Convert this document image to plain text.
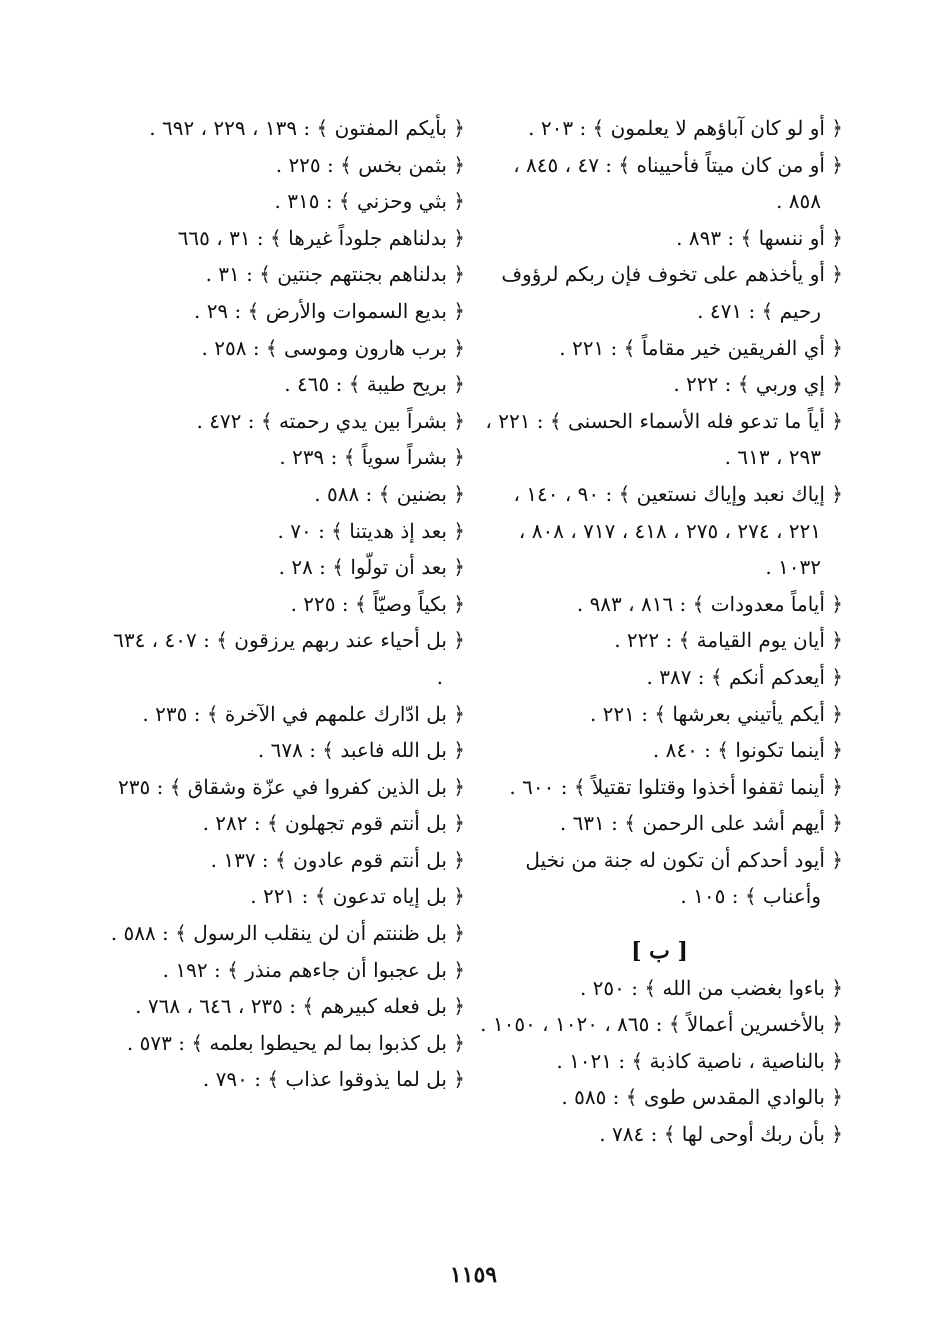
﴿ أو لو كان آباؤهم لا يعلمون ﴾ : ٢٠٣ .

﴿ أو من كان ميتاً فأحييناه ﴾ : ٤٧ ، ٨٤٥ ، ٨٥٨ .

﴿ أو ننسها ﴾ : ٨٩٣ .

﴿ أو يأخذهم على تخوف فإن ربكم لرؤوف رحيم ﴾ : ٤٧١ .

﴿ أي الفريقين خير مقاماً ﴾ : ٢٢١ .

﴿ إي وربي ﴾ : ٢٢٢ .

﴿ أياً ما تدعو فله الأسماء الحسنى ﴾ : ٢٢١ ، ٢٩٣ ، ٦١٣ .

﴿ إياك نعبد وإياك نستعين ﴾ : ٩٠ ، ١٤٠ ، ٢٢١ ، ٢٧٤ ، ٢٧٥ ، ٤١٨ ، ٧١٧ ، ٨٠٨ ، ١٠٣٢ .

﴿ أياماً معدودات ﴾ : ٨١٦ ، ٩٨٣ .

﴿ أيان يوم القيامة ﴾ : ٢٢٢ .

﴿ أيعدكم أنكم ﴾ : ٣٨٧ .

﴿ أيكم يأتيني بعرشها ﴾ : ٢٢١ .

﴿ أينما تكونوا ﴾ : ٨٤٠ .

﴿ أينما ثقفوا أخذوا وقتلوا تقتيلاً ﴾ : ٦٠٠ .

﴿ أيهم أشد على الرحمن ﴾ : ٦٣١ .

﴿ أيود أحدكم أن تكون له جنة من نخيل وأعناب ﴾ : ١٠٥ .

[ ب ]

﴿ باءوا بغضب من الله ﴾ : ٢٥٠ .

﴿ بالأخسرين أعمالاً ﴾ : ٨٦٥ ، ١٠٢٠ ، ١٠٥٠ .

﴿ بالناصية ، ناصية كاذبة ﴾ : ١٠٢١ .

﴿ بالوادي المقدس طوى ﴾ : ٥٨٥ .

﴿ بأن ربك أوحى لها ﴾ : ٧٨٤ .

﴿ بأيكم المفتون ﴾ : ١٣٩ ، ٢٢٩ ، ٦٩٢ .

﴿ بثمن بخس ﴾ : ٢٢٥ .

﴿ بثي وحزني ﴾ : ٣١٥ .

﴿ بدلناهم جلوداً غيرها ﴾ : ٣١ ، ٦٦٥

﴿ بدلناهم بجنتهم جنتين ﴾ : ٣١ .

﴿ بديع السموات والأرض ﴾ : ٢٩ .

﴿ برب هارون وموسى ﴾ : ٢٥٨ .

﴿ بريح طيبة ﴾ : ٤٦٥ .

﴿ بشراً بين يدي رحمته ﴾ : ٤٧٢ .

﴿ بشراً سوياً ﴾ : ٢٣٩ .

﴿ بضنين ﴾ : ٥٨٨ .

﴿ بعد إذ هديتنا ﴾ : ٧٠ .

﴿ بعد أن تولّوا ﴾ : ٢٨ .

﴿ بكياً وصيّاً ﴾ : ٢٢٥ .

﴿ بل أحياء عند ربهم يرزقون ﴾ : ٤٠٧ ، ٦٣٤ .

﴿ بل ادّارك علمهم في الآخرة ﴾ : ٢٣٥ .

﴿ بل الله فاعبد ﴾ : ٦٧٨ .

﴿ بل الذين كفروا في عزّة وشقاق ﴾ : ٢٣٥

﴿ بل أنتم قوم تجهلون ﴾ : ٢٨٢ .

﴿ بل أنتم قوم عادون ﴾ : ١٣٧ .

﴿ بل إياه تدعون ﴾ : ٢٢١ .

﴿ بل ظننتم أن لن ينقلب الرسول ﴾ : ٥٨٨ .

﴿ بل عجبوا أن جاءهم منذر ﴾ : ١٩٢ .

﴿ بل فعله كبيرهم ﴾ : ٢٣٥ ، ٦٤٦ ، ٧٦٨ .

﴿ بل كذبوا بما لم يحيطوا بعلمه ﴾ : ٥٧٣ .

﴿ بل لما يذوقوا عذاب ﴾ : ٧٩٠ .

١١٥٩
